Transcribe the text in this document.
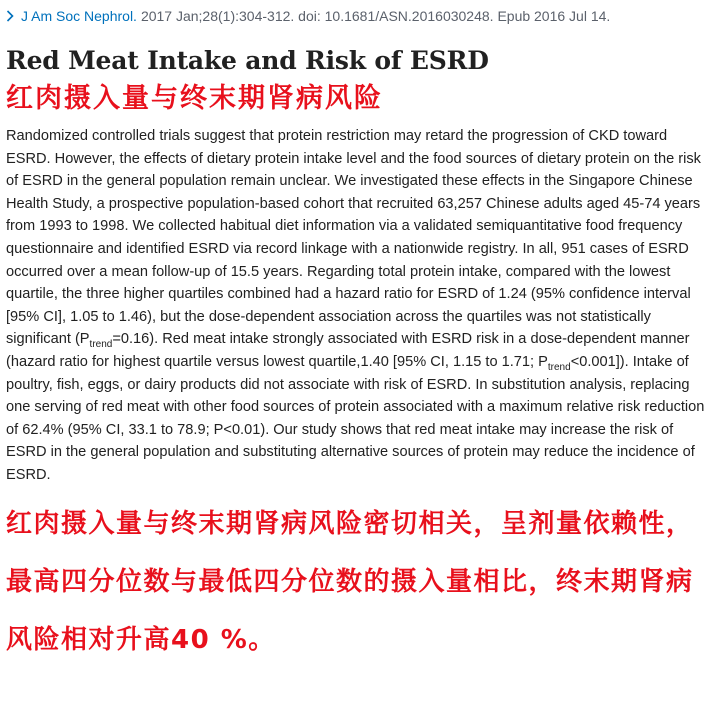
J Am Soc Nephrol. 2017 Jan;28(1):304-312. doi: 10.1681/ASN.2016030248. Epub 2016 Jul 14.
Red Meat Intake and Risk of ESRD
红肉摄入量与终末期肾病风险
Randomized controlled trials suggest that protein restriction may retard the progression of CKD toward ESRD. However, the effects of dietary protein intake level and the food sources of dietary protein on the risk of ESRD in the general population remain unclear. We investigated these effects in the Singapore Chinese Health Study, a prospective population-based cohort that recruited 63,257 Chinese adults aged 45-74 years from 1993 to 1998. We collected habitual diet information via a validated semiquantitative food frequency questionnaire and identified ESRD via record linkage with a nationwide registry. In all, 951 cases of ESRD occurred over a mean follow-up of 15.5 years. Regarding total protein intake, compared with the lowest quartile, the three higher quartiles combined had a hazard ratio for ESRD of 1.24 (95% confidence interval [95% CI], 1.05 to 1.46), but the dose-dependent association across the quartiles was not statistically significant $(P_{trend}=0.16)$. Red meat intake strongly associated with ESRD risk in a dose-dependent manner (hazard ratio for highest quartile versus lowest quartile,1.40 [95% CI, 1.15 to 1.71; $P_{trend}<0.001$]). Intake of poultry, fish, eggs, or dairy products did not associate with risk of ESRD. In substitution analysis, replacing one serving of red meat with other food sources of protein associated with a maximum relative risk reduction of 62.4% (95% CI, 33.1 to 78.9; P<0.01). Our study shows that red meat intake may increase the risk of ESRD in the general population and substituting alternative sources of protein may reduce the incidence of ESRD.
红肉摄入量与终末期肾病风险密切相关，呈剂量依赖性，最高四分位数与最低四分位数的摄入量相比，终末期肾病风险相对升高40 %。
